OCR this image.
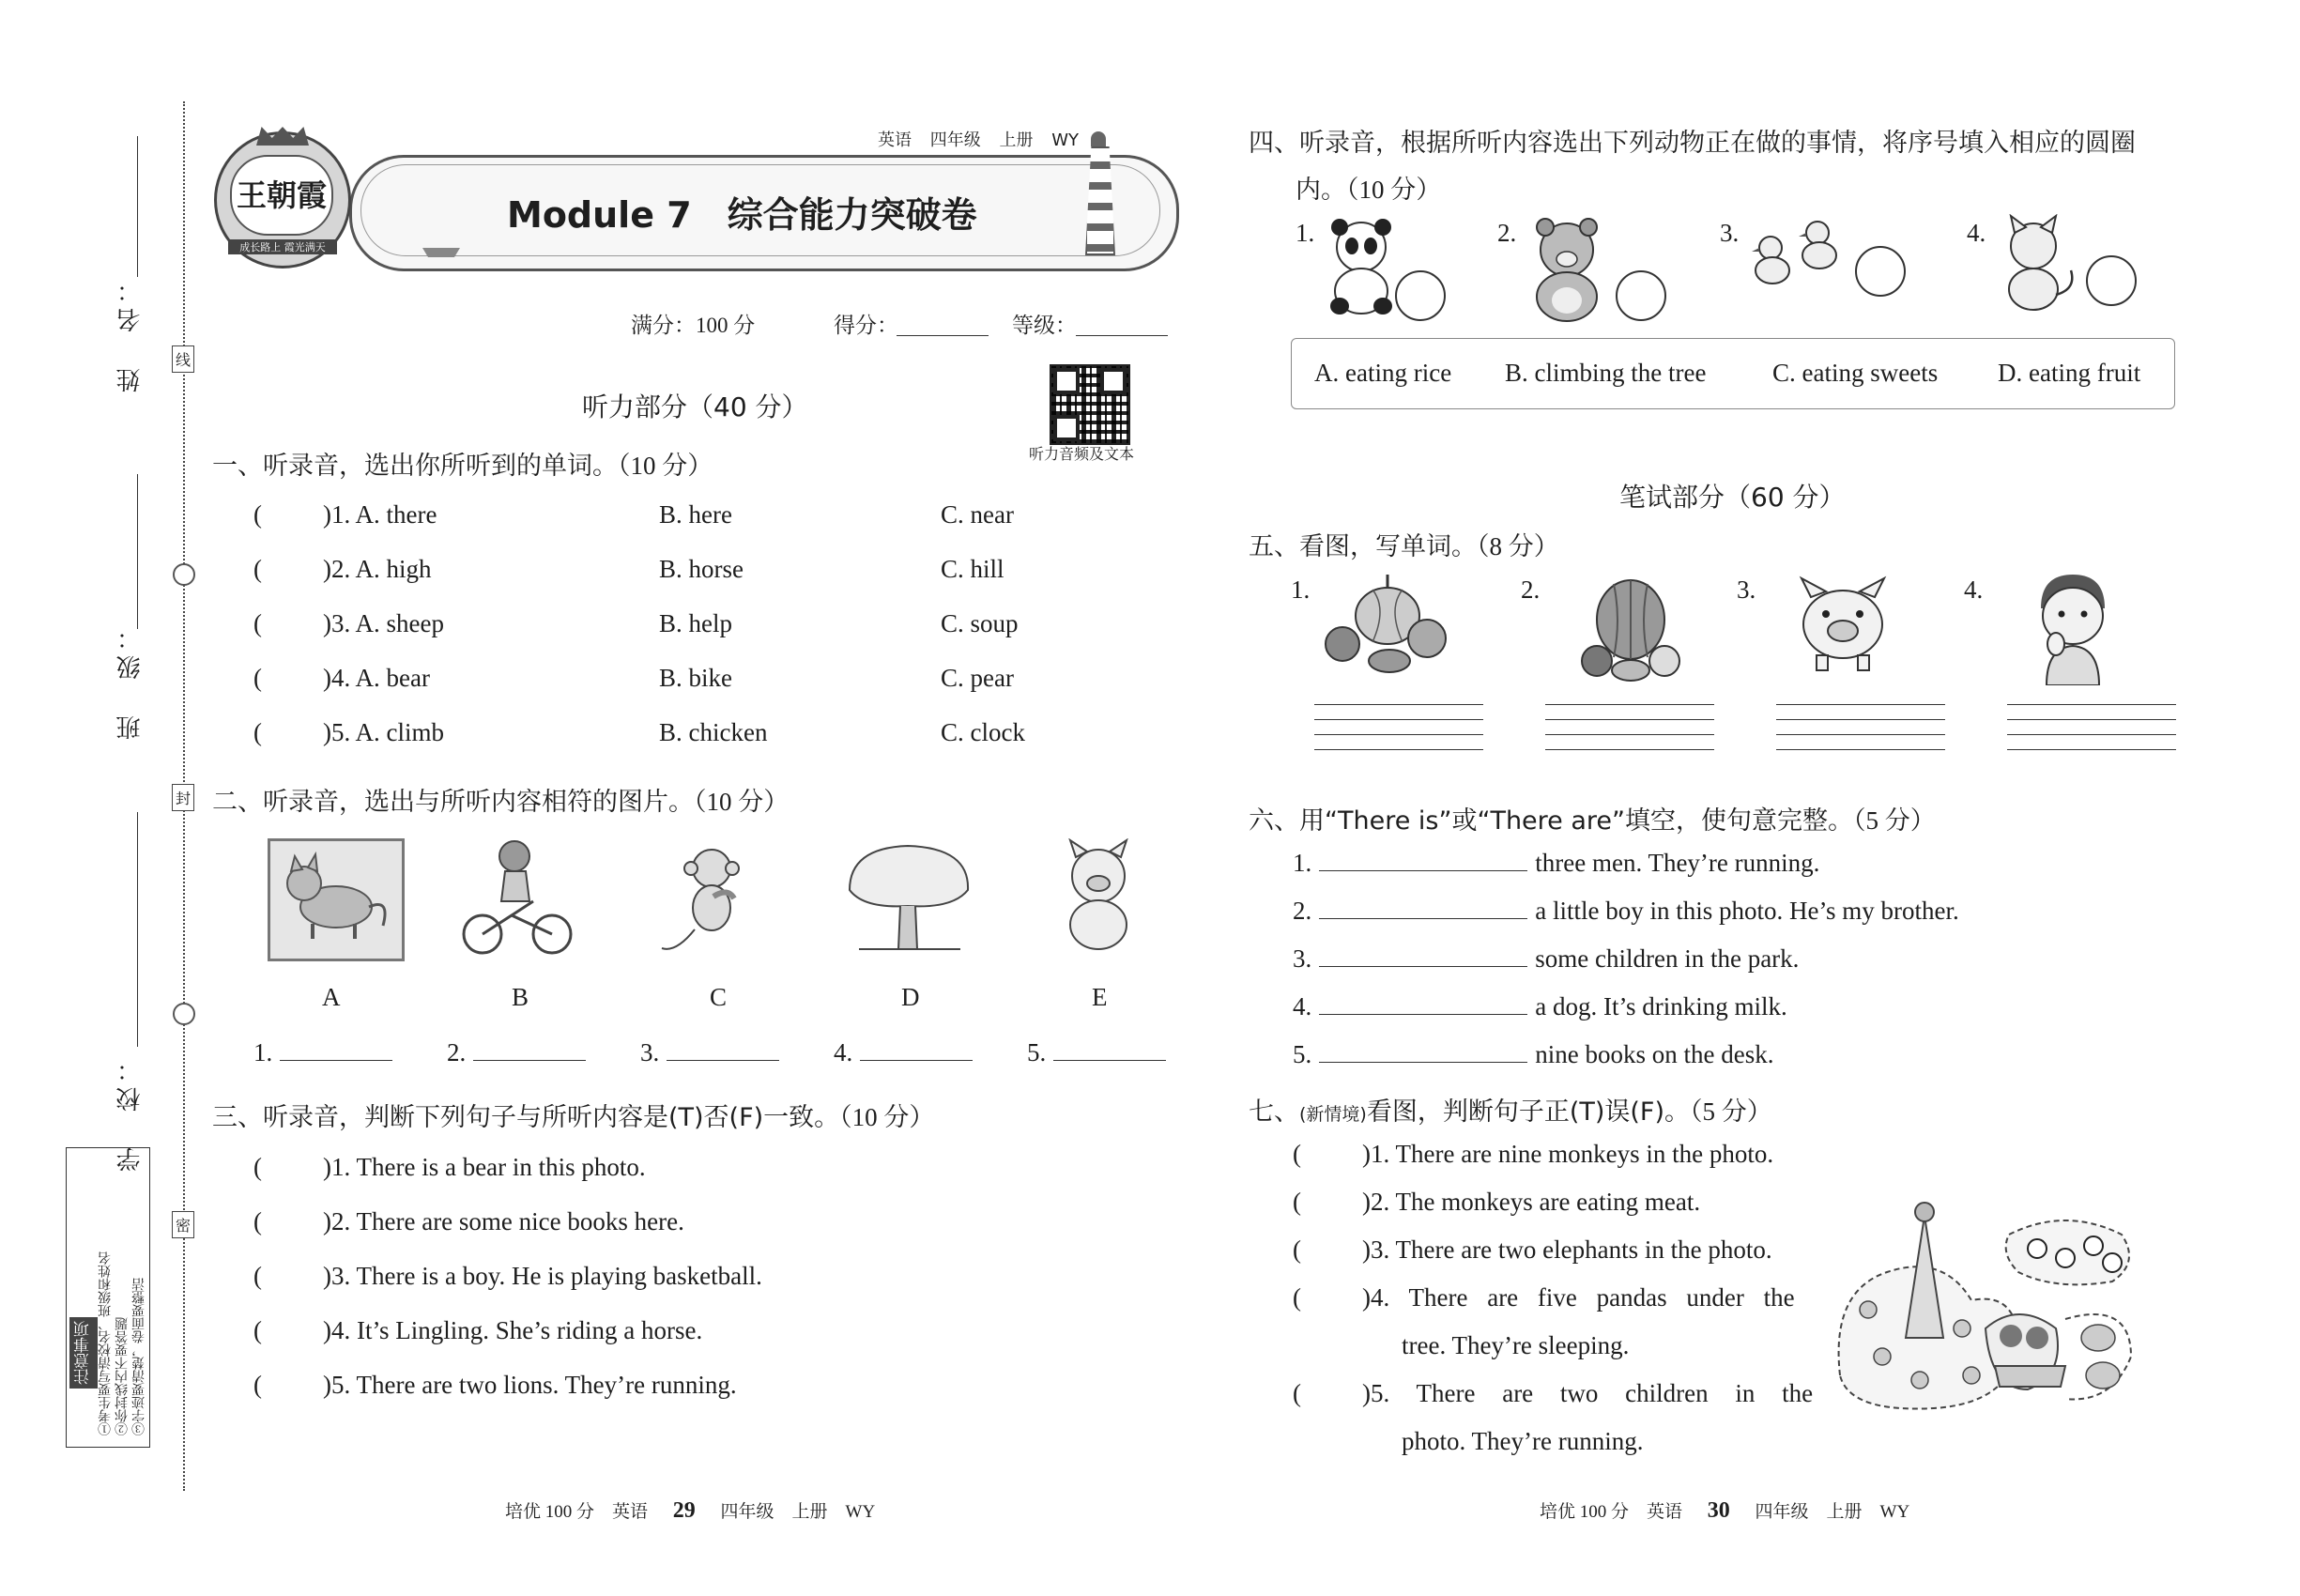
线
封
密
姓　名：
班　级：
学　校：
注意事项 ①考生要写清校名、班级和姓名 ②你封线内不要答题 ③字迹要清楚，卷面要整洁
王朝霞
成长路上 霞光满天
英语 四年级 上册 WY
Module 7　综合能力突破卷
满分：100 分	得分：	等级：
听力音频及文本
听力部分（40 分）
一、听录音，选出你所听到的单词。（10 分）
( )1. A. there	B. here	C. near
( )2. A. high	B. horse	C. hill
( )3. A. sheep	B. help	C. soup
( )4. A. bear	B. bike	C. pear
( )5. A. climb	B. chicken	C. clock
二、听录音，选出与所听内容相符的图片。（10 分）
A	B	C	D	E
1.	2.	3.	4.	5.
三、听录音，判断下列句子与所听内容是(T)否(F)一致。（10 分）
( )1. There is a bear in this photo.
( )2. There are some nice books here.
( )3. There is a boy. He is playing basketball.
( )4. It’s Lingling. She’s riding a horse.
( )5. There are two lions. They’re running.
培优 100 分　英语 29 四年级　上册　WY
四、听录音，根据所听内容选出下列动物正在做的事情，将序号填入相应的圆圈
内。（10 分）
1.	2.	3.	4.
A. eating rice B. climbing the tree	C. eating sweets D. eating fruit
笔试部分（60 分）
五、看图，写单词。（8 分）
1.	2.	3.	4.
六、用“There is”或“There are”填空，使句意完整。（5 分）
1.	three men. They’re running.
2.	a little boy in this photo. He’s my brother.
3.	some children in the park.
4.	a dog. It’s drinking milk.
5.	nine books on the desk.
七、(新情境)看图，判断句子正(T)误(F)。（5 分）
( )1. There are nine monkeys in the photo.
( )2. The monkeys are eating meat.
( )3. There are two elephants in the photo.
( )4. There are five pandas under the
tree. They’re sleeping.
( )5. There are two children in the
photo. They’re running.
培优 100 分　英语 30 四年级　上册　WY
